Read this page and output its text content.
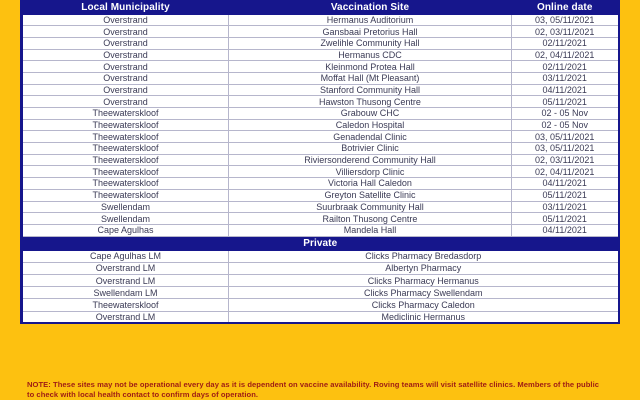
Local Municipality	Vaccination Site	Online date
Overstrand	Hermanus Auditorium	03, 05/11/2021
Overstrand	Gansbaai Pretorius Hall	02, 03/11/2021
Overstrand	Zwelihle Community Hall	02/11/2021
Overstrand	Hermanus CDC	02, 04/11/2021
Overstrand	Kleinmond Protea Hall	02/11/2021
Overstrand	Moffat Hall (Mt Pleasant)	03/11/2021
Overstrand	Stanford Community Hall	04/11/2021
Overstrand	Hawston Thusong Centre	05/11/2021
Theewaterskloof	Grabouw CHC	02 - 05 Nov
Theewaterskloof	Caledon Hospital	02 - 05 Nov
Theewaterskloof	Genadendal Clinic	03, 05/11/2021
Theewaterskloof	Botrivier Clinic	03, 05/11/2021
Theewaterskloof	Riviersonderend Community Hall	02, 03/11/2021
Theewaterskloof	Villiersdorp Clinic	02, 04/11/2021
Theewaterskloof	Victoria Hall Caledon	04/11/2021
Theewaterskloof	Greyton Satellite Clinic	05/11/2021
Swellendam	Suurbraak Community Hall	03/11/2021
Swellendam	Railton Thusong Centre	05/11/2021
Cape Agulhas	Mandela Hall	04/11/2021
Private		
Cape Agulhas LM	Clicks Pharmacy Bredasdorp	
Overstrand LM	Albertyn Pharmacy	
Overstrand LM	Clicks Pharmacy Hermanus	
Swellendam LM	Clicks Pharmacy Swellendam	
Theewaterskloof	Clicks Pharmacy Caledon	
Overstrand LM	Mediclinic Hermanus	
NOTE: These sites may not be operational every day as it is dependent on vaccine availability. Roving teams will visit satellite clinics. Members of the public to check with local health contact to confirm days of operation.
